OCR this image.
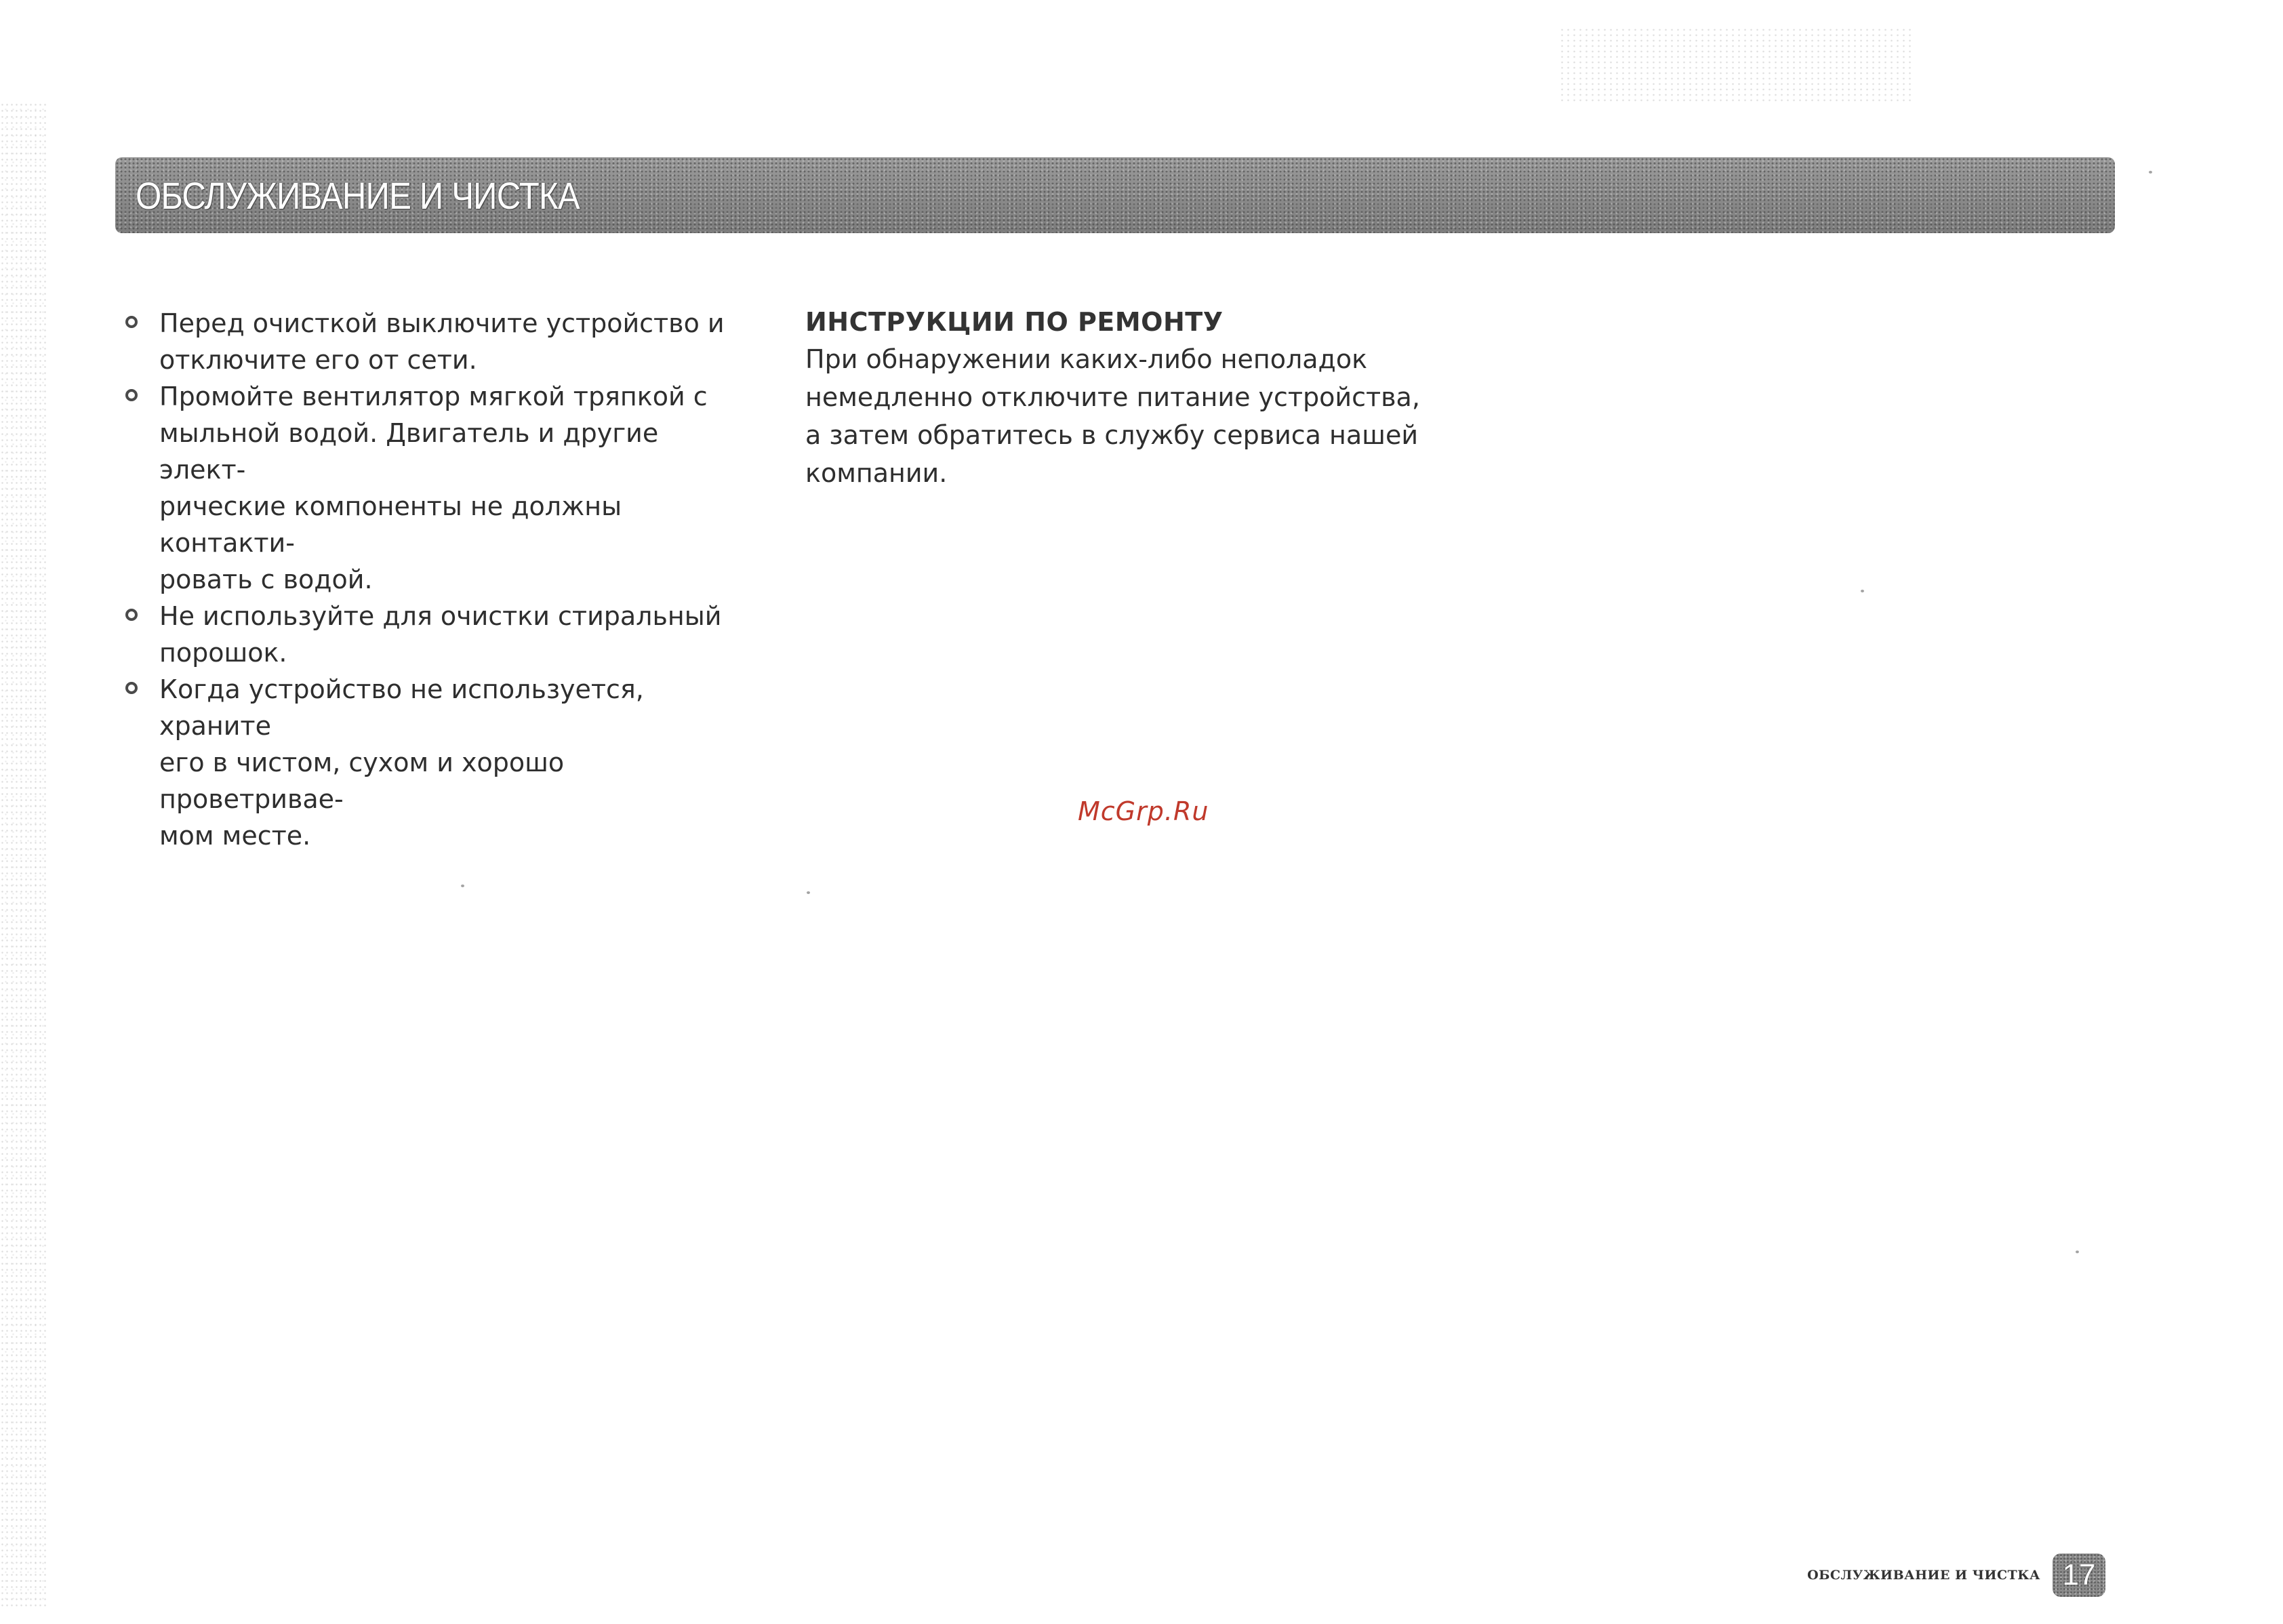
ОБСЛУЖИВАНИЕ И ЧИСТКА
Перед очисткой выключите устройство и
отключите его от сети.
Промойте вентилятор мягкой тряпкой с
мыльной водой. Двигатель и другие элект-
рические компоненты не должны контакти-
ровать с водой.
Не используйте для очистки стиральный
порошок.
Когда устройство не используется, храните
его в чистом, сухом и хорошо проветривае-
мом месте.
ИНСТРУКЦИИ ПО РЕМОНТУ
При обнаружении каких-либо неполадок
немедленно отключите питание устройства,
а затем обратитесь в службу сервиса нашей
компании.
McGrp.Ru
ОБСЛУЖИВАНИЕ И ЧИСТКА 17
